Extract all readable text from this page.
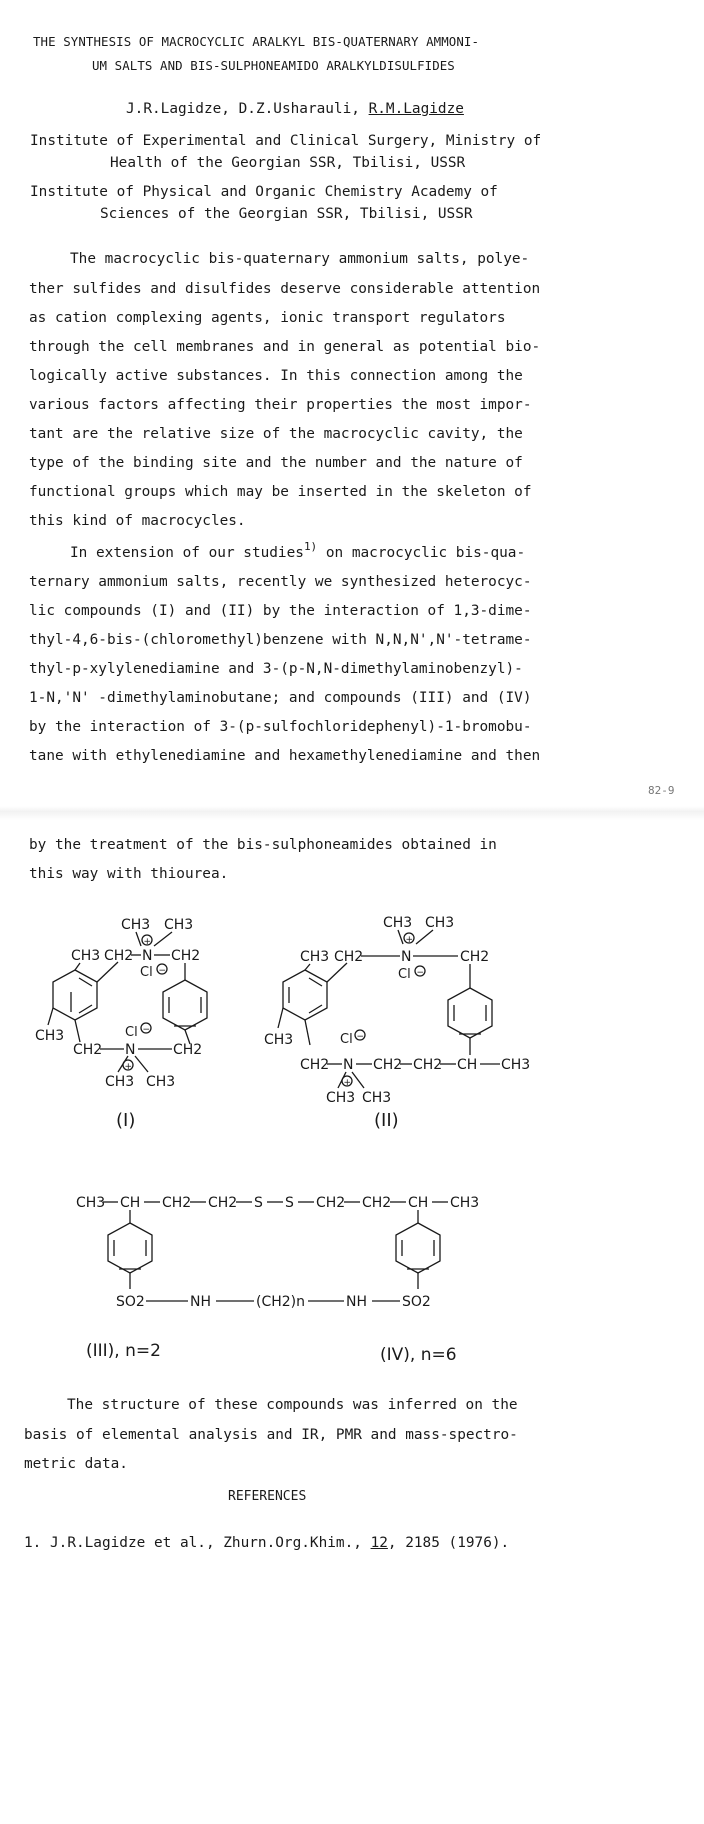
THE SYNTHESIS OF MACROCYCLIC ARALKYL BIS-QUATERNARY AMMONI-
UM SALTS AND BIS-SULPHONEAMIDO ARALKYLDISULFIDES
J.R.Lagidze, D.Z.Usharauli, R.M.Lagidze
Institute of Experimental and Clinical Surgery, Ministry of
Health of the Georgian SSR, Tbilisi, USSR
Institute of Physical and Organic Chemistry Academy of
Sciences of the Georgian SSR, Tbilisi, USSR
The macrocyclic bis-quaternary ammonium salts, polye-
ther sulfides and disulfides deserve considerable attention
as cation complexing agents, ionic transport regulators
through the cell membranes and in general as potential bio-
logically active substances. In this connection among the
various factors affecting their properties the most impor-
tant are the relative size of the macrocyclic cavity, the
type of the binding site and the number and the nature of
functional groups which may be inserted in the skeleton of
this kind of macrocycles.
In extension of our studies$^{1)}$ on macrocyclic bis-qua-
ternary ammonium salts, recently we synthesized heterocyc-
lic compounds (I) and (II) by the interaction of 1,3-dime-
thyl-4,6-bis-(chloromethyl)benzene with N,N,N',N'-tetrame-
thyl-p-xylylenediamine and 3-(p-N,N-dimethylaminobenzyl)-
1-N,'N' -dimethylaminobutane; and compounds (III) and (IV)
by the interaction of 3-(p-sulfochloridephenyl)-1-bromobu-
tane with ethylenediamine and hexamethylenediamine and then
82-9
by the treatment of the bis-sulphoneamides obtained in
this way with thiourea.
CH3 CH3
+
CH3 CH2 N CH2
Cl −
CH3	Cl −
CH2 N	CH2
+
CH3 CH3
(I)
CH3 CH3
+
CH3 CH2	N	CH2
Cl −
CH3	Cl −
CH2 N CH2 CH2 CH CH3
+
CH3 CH3
(II)
CH3 CH CH2 CH2 S S CH2 CH2 CH CH3
SO2	NH	(CH2)n	NH	SO2
(III), n=2	(IV), n=6
The structure of these compounds was inferred on the
basis of elemental analysis and IR, PMR and mass-spectro-
metric data.
REFERENCES
1. J.R.Lagidze et al., Zhurn.Org.Khim., 12, 2185 (1976).
